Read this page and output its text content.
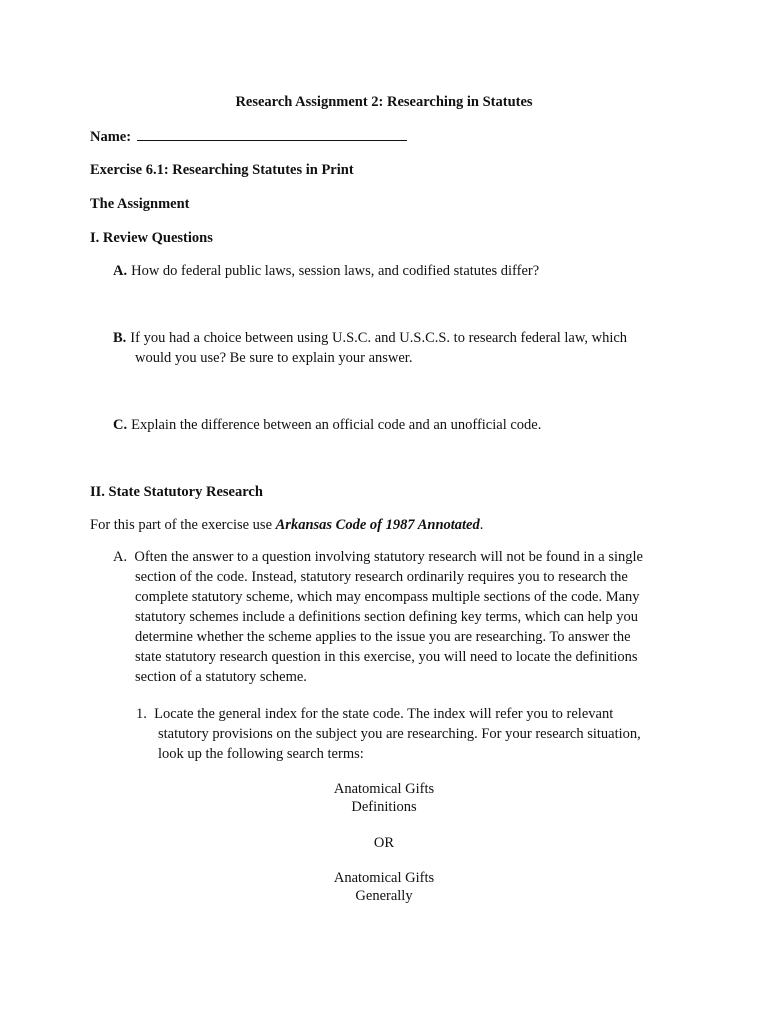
Research Assignment 2: Researching in Statutes
Name:
Exercise 6.1: Researching Statutes in Print
The Assignment
I. Review Questions
A. How do federal public laws, session laws, and codified statutes differ?
B. If you had a choice between using U.S.C. and U.S.C.S. to research federal law, which
would you use? Be sure to explain your answer.
C. Explain the difference between an official code and an unofficial code.
II. State Statutory Research
For this part of the exercise use Arkansas Code of 1987 Annotated.
A. Often the answer to a question involving statutory research will not be found in a single
section of the code. Instead, statutory research ordinarily requires you to research the
complete statutory scheme, which may encompass multiple sections of the code. Many
statutory schemes include a definitions section defining key terms, which can help you
determine whether the scheme applies to the issue you are researching. To answer the
state statutory research question in this exercise, you will need to locate the definitions
section of a statutory scheme.
1. Locate the general index for the state code. The index will refer you to relevant
statutory provisions on the subject you are researching. For your research situation,
look up the following search terms:
Anatomical Gifts
Definitions
OR
Anatomical Gifts
Generally
